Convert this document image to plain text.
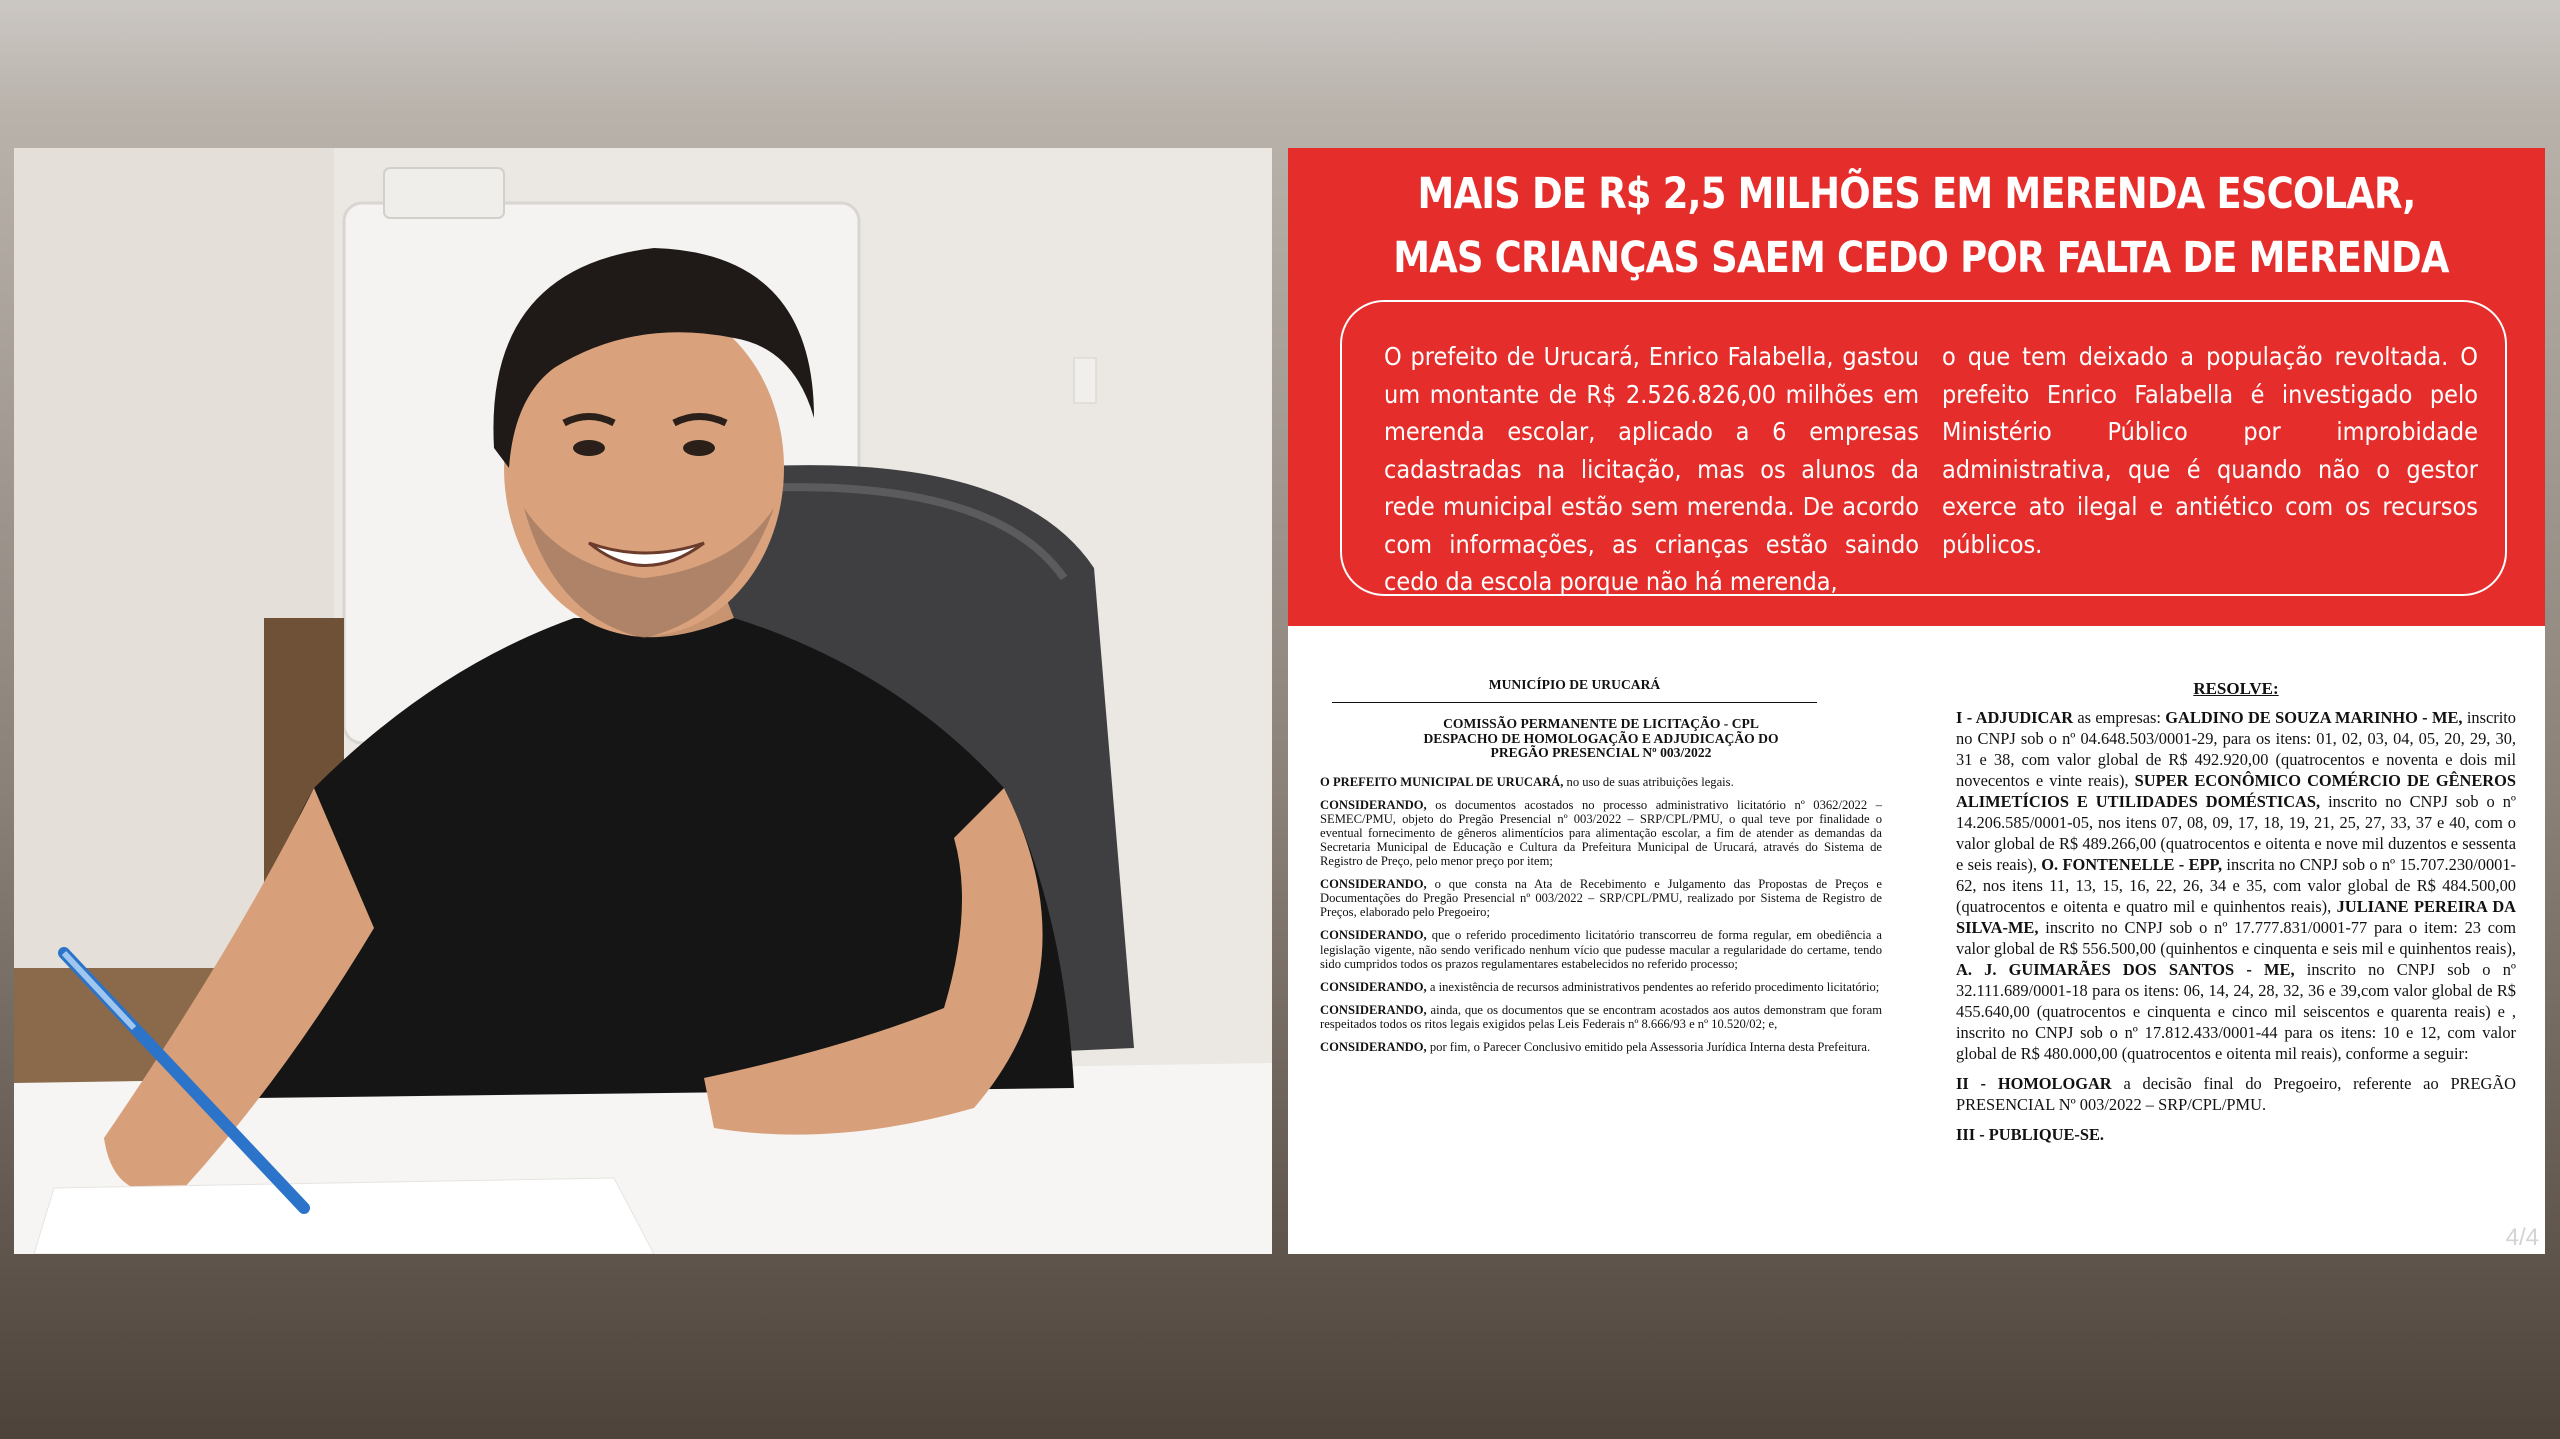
MAIS DE R$ 2,5 MILHÕES EM MERENDA ESCOLAR,
MAS CRIANÇAS SAEM CEDO POR FALTA DE MERENDA

O prefeito de Urucará, Enrico Falabella, gastou um montante de R$ 2.526.826,00 milhões em merenda escolar, aplicado a 6 empresas cadastradas na licitação, mas os alunos da rede municipal estão sem merenda. De acordo com informações, as crianças estão saindo cedo da escola porque não há merenda,

o que tem deixado a população revoltada. O prefeito Enrico Falabella é investigado pelo Ministério Público por improbidade administrativa, que é quando não o gestor exerce ato ilegal e antiético com os recursos públicos.

MUNICÍPIO DE URUCARÁ
COMISSÃO PERMANENTE DE LICITAÇÃO - CPL
DESPACHO DE HOMOLOGAÇÃO E ADJUDICAÇÃO DO
PREGÃO PRESENCIAL Nº 003/2022

O PREFEITO MUNICIPAL DE URUCARÁ, no uso de suas atribuições legais.

CONSIDERANDO, os documentos acostados no processo administrativo licitatório nº 0362/2022 – SEMEC/PMU, objeto do Pregão Presencial nº 003/2022 – SRP/CPL/PMU, o qual teve por finalidade o eventual fornecimento de gêneros alimentícios para alimentação escolar, a fim de atender as demandas da Secretaria Municipal de Educação e Cultura da Prefeitura Municipal de Urucará, através do Sistema de Registro de Preço, pelo menor preço por item;

CONSIDERANDO, o que consta na Ata de Recebimento e Julgamento das Propostas de Preços e Documentações do Pregão Presencial nº 003/2022 – SRP/CPL/PMU, realizado por Sistema de Registro de Preços, elaborado pelo Pregoeiro;

CONSIDERANDO, que o referido procedimento licitatório transcorreu de forma regular, em obediência a legislação vigente, não sendo verificado nenhum vício que pudesse macular a regularidade do certame, tendo sido cumpridos todos os prazos regulamentares estabelecidos no referido processo;

CONSIDERANDO, a inexistência de recursos administrativos pendentes ao referido procedimento licitatório;

CONSIDERANDO, ainda, que os documentos que se encontram acostados aos autos demonstram que foram respeitados todos os ritos legais exigidos pelas Leis Federais nº 8.666/93 e nº 10.520/02; e,

CONSIDERANDO, por fim, o Parecer Conclusivo emitido pela Assessoria Jurídica Interna desta Prefeitura.

RESOLVE:

I - ADJUDICAR as empresas: GALDINO DE SOUZA MARINHO - ME, inscrito no CNPJ sob o nº 04.648.503/0001-29, para os itens: 01, 02, 03, 04, 05, 20, 29, 30, 31 e 38, com valor global de R$ 492.920,00 (quatrocentos e noventa e dois mil novecentos e vinte reais), SUPER ECONÔMICO COMÉRCIO DE GÊNEROS ALIMETÍCIOS E UTILIDADES DOMÉSTICAS, inscrito no CNPJ sob o nº 14.206.585/0001-05, nos itens 07, 08, 09, 17, 18, 19, 21, 25, 27, 33, 37 e 40, com o valor global de R$ 489.266,00 (quatrocentos e oitenta e nove mil duzentos e sessenta e seis reais), O. FONTENELLE - EPP, inscrita no CNPJ sob o nº 15.707.230/0001-62, nos itens 11, 13, 15, 16, 22, 26, 34 e 35, com valor global de R$ 484.500,00 (quatrocentos e oitenta e quatro mil e quinhentos reais), JULIANE PEREIRA DA SILVA-ME, inscrito no CNPJ sob o nº 17.777.831/0001-77 para o item: 23 com valor global de R$ 556.500,00 (quinhentos e cinquenta e seis mil e quinhentos reais), A. J. GUIMARÃES DOS SANTOS - ME, inscrito no CNPJ sob o nº 32.111.689/0001-18 para os itens: 06, 14, 24, 28, 32, 36 e 39,com valor global de R$ 455.640,00 (quatrocentos e cinquenta e cinco mil seiscentos e quarenta reais) e , inscrito no CNPJ sob o nº 17.812.433/0001-44 para os itens: 10 e 12, com valor global de R$ 480.000,00 (quatrocentos e oitenta mil reais), conforme a seguir:

II - HOMOLOGAR a decisão final do Pregoeiro, referente ao PREGÃO PRESENCIAL Nº 003/2022 – SRP/CPL/PMU.

III - PUBLIQUE-SE.

4/4
